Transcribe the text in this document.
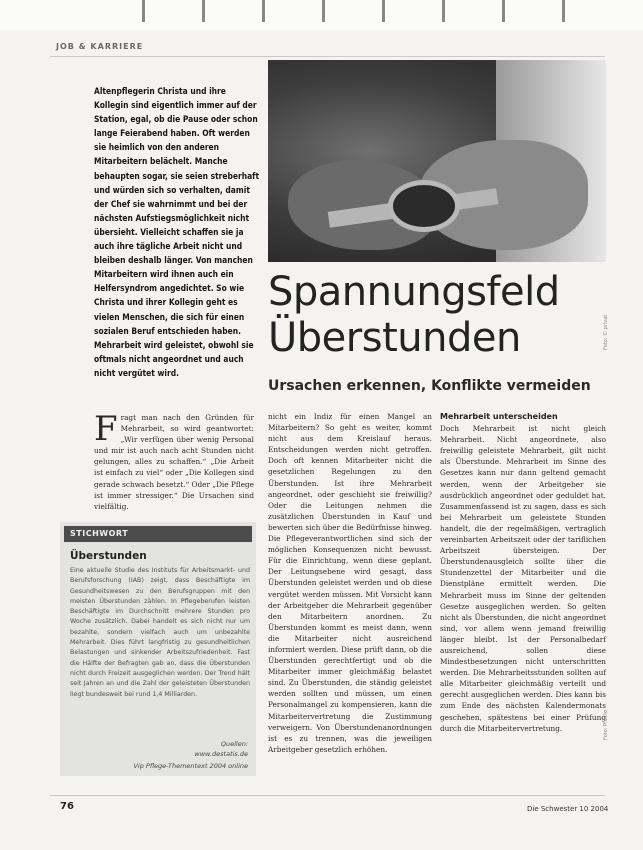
JOB & KARRIERE
Altenpflegerin Christa und ihre Kollegin sind eigentlich immer auf der Station, egal, ob die Pause oder schon lange Feierabend haben. Oft werden sie heimlich von den anderen Mitarbeitern belächelt. Manche behaupten sogar, sie seien streberhaft und würden sich so verhalten, damit der Chef sie wahrnimmt und bei der nächsten Aufstiegsmöglichkeit nicht übersieht. Vielleicht schaffen sie ja auch ihre tägliche Arbeit nicht und bleiben deshalb länger. Von manchen Mitarbeitern wird ihnen auch ein Helfersyndrom angedichtet. So wie Christa und ihrer Kollegin geht es vielen Menschen, die sich für einen sozialen Beruf entschieden haben. Mehrarbeit wird geleistet, obwohl sie oftmals nicht angeordnet und auch nicht vergütet wird.
Spannungsfeld
Überstunden
Ursachen erkennen, Konflikte vermeiden
F ragt man nach den Gründen für Mehrarbeit, so wird geantwortet: „Wir verfügen über wenig Personal und mir ist auch nach acht Stunden nicht gelungen, alles zu schaffen.“ „Die Arbeit ist einfach zu viel“ oder „Die Kollegen sind gerade schwach besetzt.“ Oder „Die Pflege ist immer stressiger.“ Die Ursachen sind vielfältig.
nicht ein Indiz für einen Mangel an Mitarbeitern? So geht es weiter, kommt nicht aus dem Kreislauf heraus. Entscheidungen werden nicht getroffen. Doch oft kennen Mitarbeiter nicht die gesetzlichen Regelungen zu den Überstunden. Ist ihre Mehrarbeit angeordnet, oder geschieht sie freiwillig? Oder die Leitungen nehmen die zusätzlichen Überstunden in Kauf und bewerten sich über die Bedürfnisse hinweg. Die Pflegeverantwortlichen sind sich der möglichen Konsequenzen nicht bewusst. Für die Einrichtung, wenn diese geplant. Der Leitungsebene wird gesagt, dass Überstunden geleistet werden und ob diese vergütet werden müssen. Mit Vorsicht kann der Arbeitgeber die Mehrarbeit gegenüber den Mitarbeitern anordnen. Zu Überstunden kommt es meist dann, wenn die Mitarbeiter nicht ausreichend informiert werden. Diese prüft dann, ob die Überstunden gerechtfertigt und ob die Mitarbeiter immer gleichmäßig belastet sind. Zu Überstunden, die ständig geleistet werden sollten und müssen, um einen Personalmangel zu kompensieren, kann die Mitarbeitervertretung die Zustimmung verweigern. Von Überstundenanordnungen ist es zu trennen, was die jeweiligen Arbeitgeber gesetzlich erhöhen.
Mehrarbeit unterscheiden
Doch Mehrarbeit ist nicht gleich Mehrarbeit. Nicht angeordnete, also freiwillig geleistete Mehrarbeit, gilt nicht als Überstunde. Mehrarbeit im Sinne des Gesetzes kann nur dann geltend gemacht werden, wenn der Arbeitgeber sie ausdrücklich angeordnet oder geduldet hat. Zusammenfassend ist zu sagen, dass es sich bei Mehrarbeit um geleistete Stunden handelt, die der regelmäßigen, vertraglich vereinbarten Arbeitszeit oder der tariflichen Arbeitszeit übersteigen. Der Überstundenausgleich sollte über die Stundenzettel der Mitarbeiter und die Dienstpläne ermittelt werden. Die Mehrarbeit muss im Sinne der geltenden Gesetze ausgeglichen werden. So gelten nicht als Überstunden, die nicht angeordnet sind, vor allem wenn jemand freiwillig länger bleibt. Ist der Personalbedarf ausreichend, sollen diese Mindestbesetzungen nicht unterschritten werden. Die Mehrarbeitsstunden sollten auf alle Mitarbeiter gleichmäßig verteilt und gerecht ausgeglichen werden. Dies kann bis zum Ende des nächsten Kalendermonats geschehen, spätestens bei einer Prüfung durch die Mitarbeitervertretung.
STICHWORT
Überstunden
Eine aktuelle Studie des Instituts für Arbeitsmarkt- und Berufsforschung (IAB) zeigt, dass Beschäftigte im Gesundheitswesen zu den Berufsgruppen mit den meisten Überstunden zählen. In Pflegeberufen leisten Beschäftigte im Durchschnitt mehrere Stunden pro Woche zusätzlich. Dabei handelt es sich nicht nur um bezahlte, sondern vielfach auch um unbezahlte Mehrarbeit. Dies führt langfristig zu gesundheitlichen Belastungen und sinkender Arbeitszufriedenheit. Fast die Hälfte der Befragten gab an, dass die Überstunden nicht durch Freizeit ausgeglichen werden. Der Trend hält seit Jahren an und die Zahl der geleisteten Überstunden liegt bundesweit bei rund 1,4 Milliarden.
Quellen:
www.destatis.de
Vip Pflege-Thementext 2004 online
Foto: © privat
Foto: Pixelio
76	Die Schwester 10 2004
